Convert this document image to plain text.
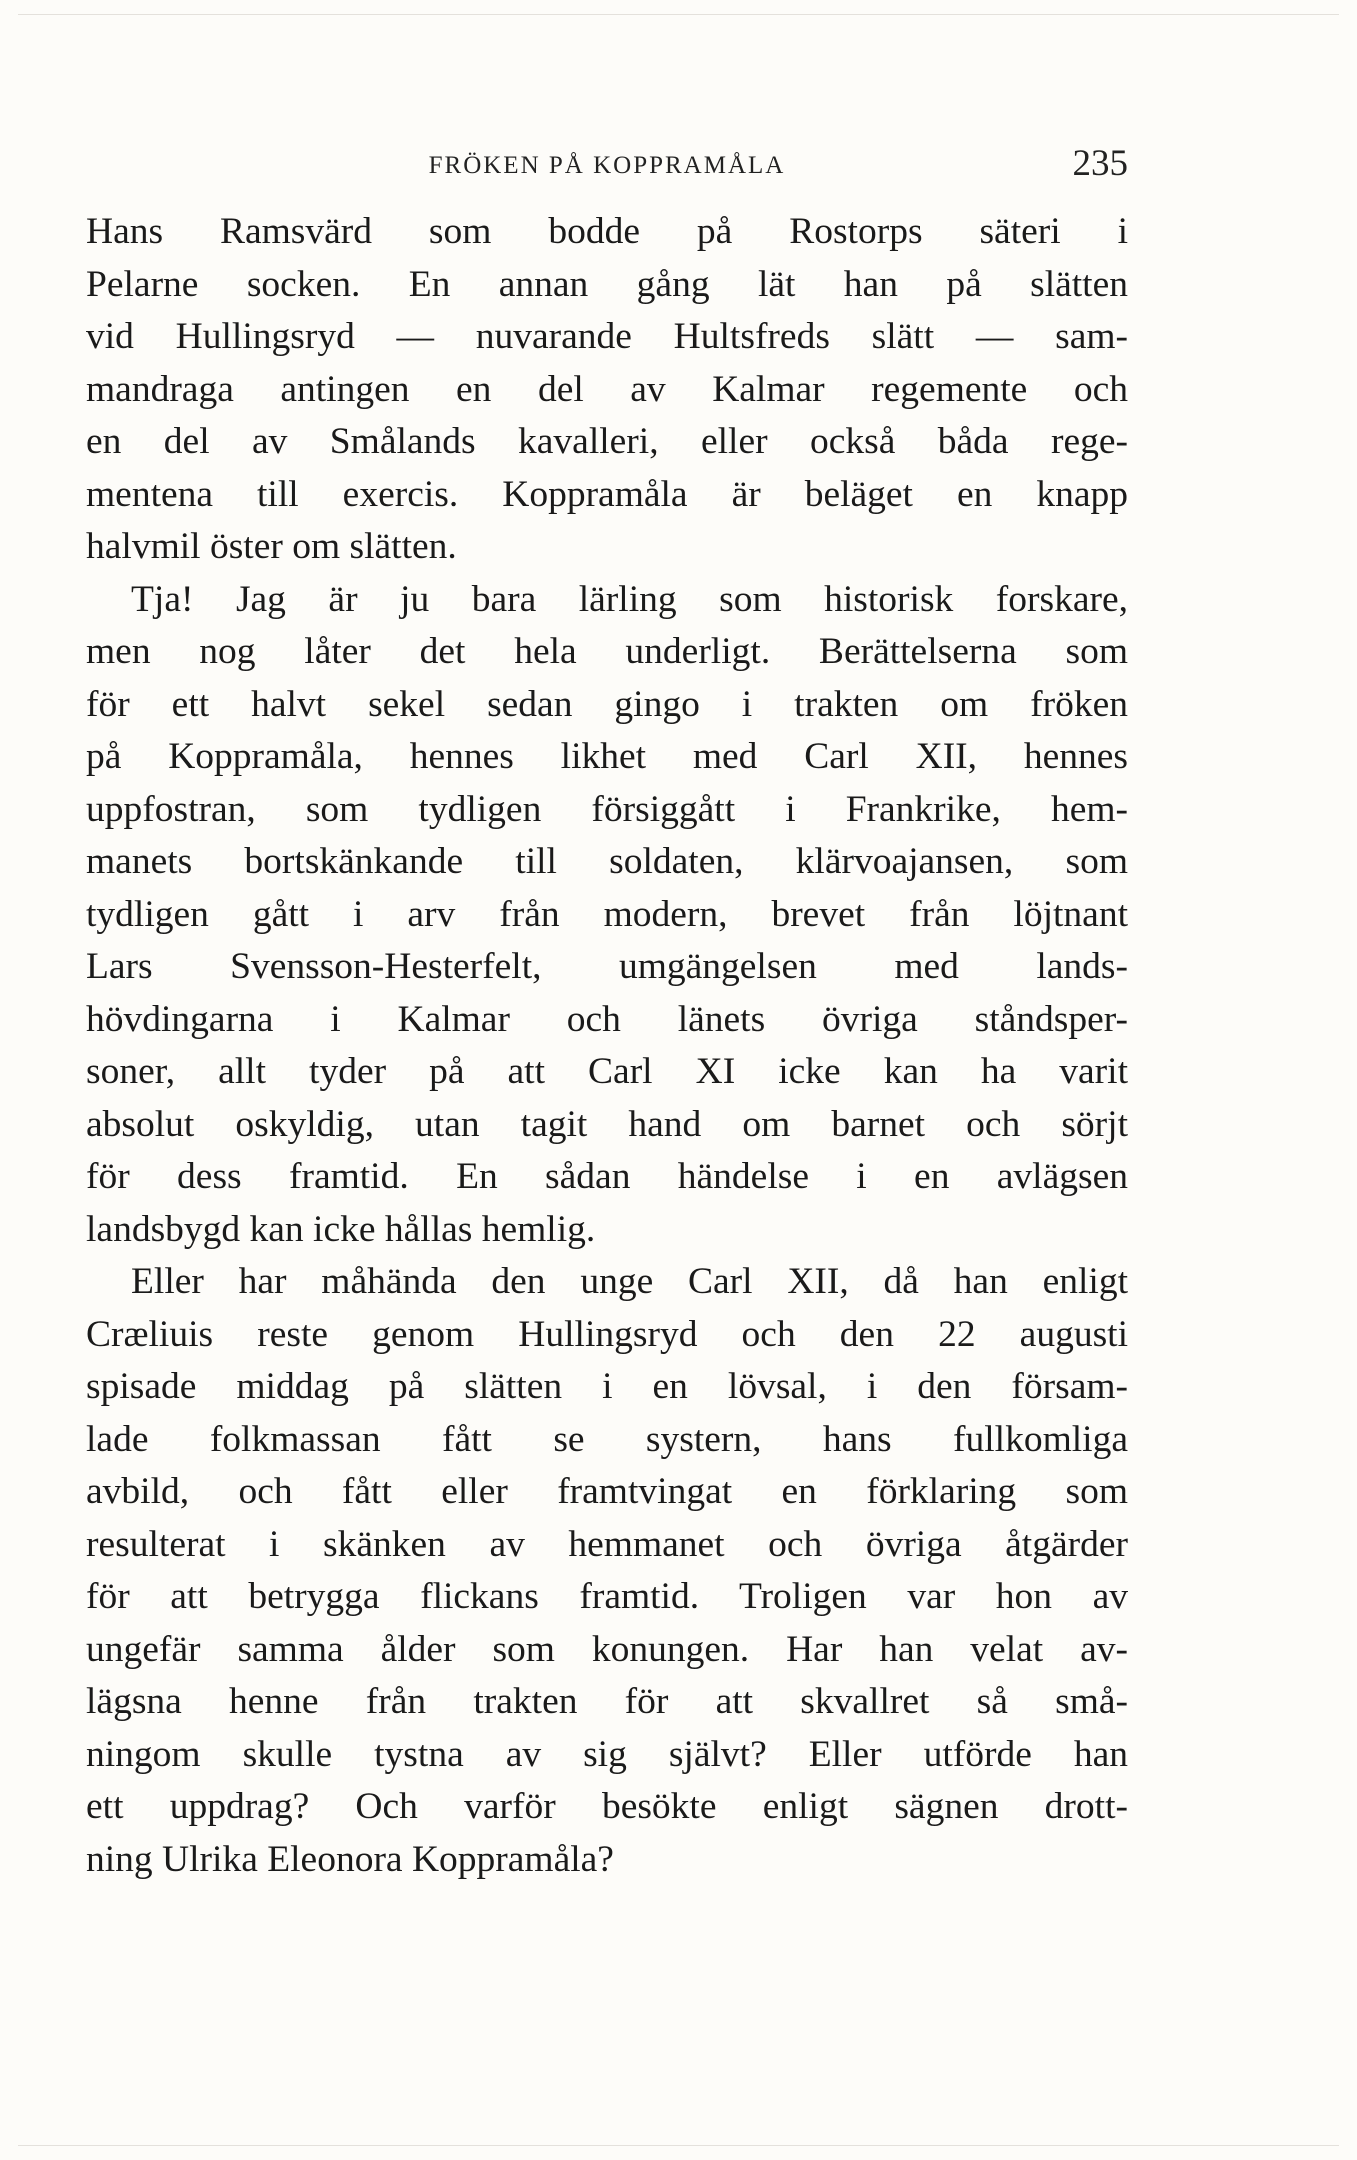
FRÖKEN PÅ KOPPRAMÅLA	235
Hans Ramsvärd som bodde på Rostorps säteri i
Pelarne socken. En annan gång lät han på slätten
vid Hullingsryd — nuvarande Hultsfreds slätt — sam-
mandraga antingen en del av Kalmar regemente och
en del av Smålands kavalleri, eller också båda rege-
mentena till exercis. Koppramåla är beläget en knapp
halvmil öster om slätten.
Tja! Jag är ju bara lärling som historisk forskare,
men nog låter det hela underligt. Berättelserna som
för ett halvt sekel sedan gingo i trakten om fröken
på Koppramåla, hennes likhet med Carl XII, hennes
uppfostran, som tydligen försiggått i Frankrike, hem-
manets bortskänkande till soldaten, klärvoajansen, som
tydligen gått i arv från modern, brevet från löjtnant
Lars Svensson-Hesterfelt, umgängelsen med lands-
hövdingarna i Kalmar och länets övriga ståndsper-
soner, allt tyder på att Carl XI icke kan ha varit
absolut oskyldig, utan tagit hand om barnet och sörjt
för dess framtid. En sådan händelse i en avlägsen
landsbygd kan icke hållas hemlig.
Eller har måhända den unge Carl XII, då han enligt
Cræliuis reste genom Hullingsryd och den 22 augusti
spisade middag på slätten i en lövsal, i den försam-
lade folkmassan fått se systern, hans fullkomliga
avbild, och fått eller framtvingat en förklaring som
resulterat i skänken av hemmanet och övriga åtgärder
för att betrygga flickans framtid. Troligen var hon av
ungefär samma ålder som konungen. Har han velat av-
lägsna henne från trakten för att skvallret så små-
ningom skulle tystna av sig självt? Eller utförde han
ett uppdrag? Och varför besökte enligt sägnen drott-
ning Ulrika Eleonora Koppramåla?
